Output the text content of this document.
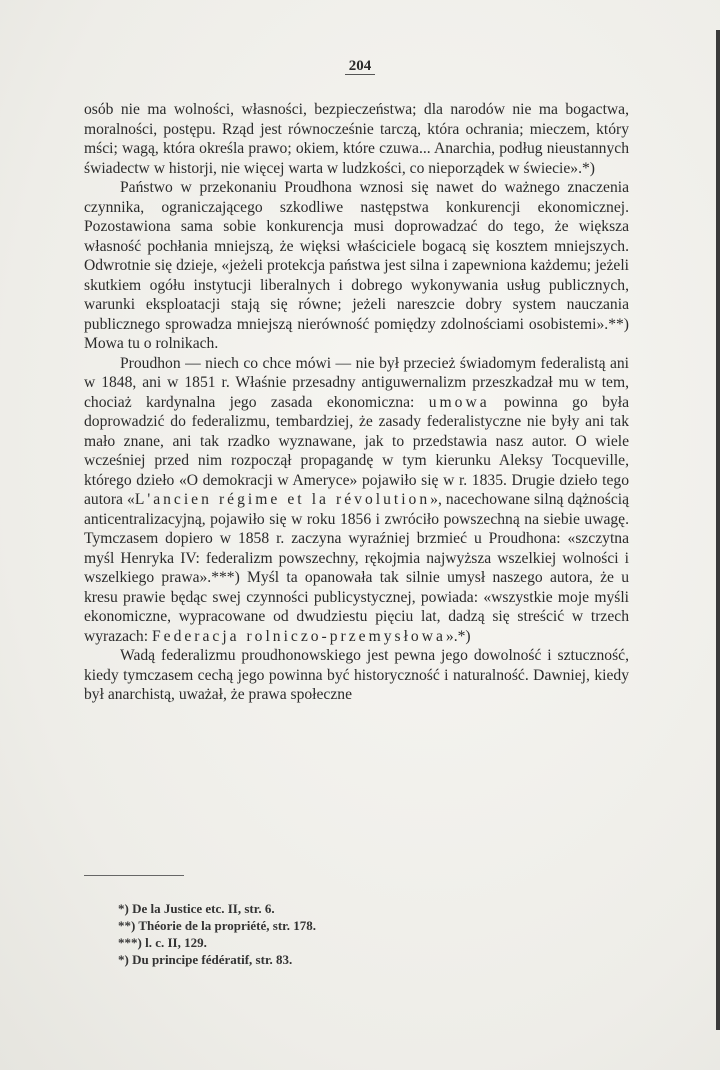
204

osób nie ma wolności, własności, bezpieczeństwa; dla narodów nie ma bogactwa, moralności, postępu. Rząd jest równocześnie tarczą, która ochrania; mieczem, który mści; wagą, która określa prawo; okiem, które czuwa... Anarchia, podług nieustannych świadectw w historji, nie więcej warta w ludzkości, co nieporządek w świecie».*)

Państwo w przekonaniu Proudhona wznosi się nawet do ważnego znaczenia czynnika, ograniczającego szkodliwe następstwa konkurencji ekonomicznej. Pozostawiona sama sobie konkurencja musi doprowadzać do tego, że większa własność pochłania mniejszą, że więksi właściciele bogacą się kosztem mniejszych. Odwrotnie się dzieje, «jeżeli protekcja państwa jest silna i zapewniona każdemu; jeżeli skutkiem ogółu instytucji liberalnych i dobrego wykonywania usług publicznych, warunki eksploatacji stają się równe; jeżeli nareszcie dobry system nauczania publicznego sprowadza mniejszą nierówność pomiędzy zdolnościami osobistemi».**) Mowa tu o rolnikach.

Proudhon — niech co chce mówi — nie był przecież świadomym federalistą ani w 1848, ani w 1851 r. Właśnie przesadny antiguwernalizm przeszkadzał mu w tem, chociaż kardynalna jego zasada ekonomiczna: umowa powinna go była doprowadzić do federalizmu, tembardziej, że zasady federalistyczne nie były ani tak mało znane, ani tak rzadko wyznawane, jak to przedstawia nasz autor. O wiele wcześniej przed nim rozpoczął propagandę w tym kierunku Aleksy Tocqueville, którego dzieło «O demokracji w Ameryce» pojawiło się w r. 1835. Drugie dzieło tego autora «L'ancien régime et la révolution», nacechowane silną dążnością anticentralizacyjną, pojawiło się w roku 1856 i zwróciło powszechną na siebie uwagę. Tymczasem dopiero w 1858 r. zaczyna wyraźniej brzmieć u Proudhona: «szczytna myśl Henryka IV: federalizm powszechny, rękojmia najwyższa wszelkiej wolności i wszelkiego prawa».***) Myśl ta opanowała tak silnie umysł naszego autora, że u kresu prawie będąc swej czynności publicystycznej, powiada: «wszystkie moje myśli ekonomiczne, wypracowane od dwudziestu pięciu lat, dadzą się streścić w trzech wyrazach: Federacja rolniczo-przemysłowa».*)

Wadą federalizmu proudhonowskiego jest pewna jego dowolność i sztuczność, kiedy tymczasem cechą jego powinna być historyczność i naturalność. Dawniej, kiedy był anarchistą, uważał, że prawa społeczne

*) De la Justice etc. II, str. 6.
**) Théorie de la propriété, str. 178.
***) l. c. II, 129.
*) Du principe fédératif, str. 83.
